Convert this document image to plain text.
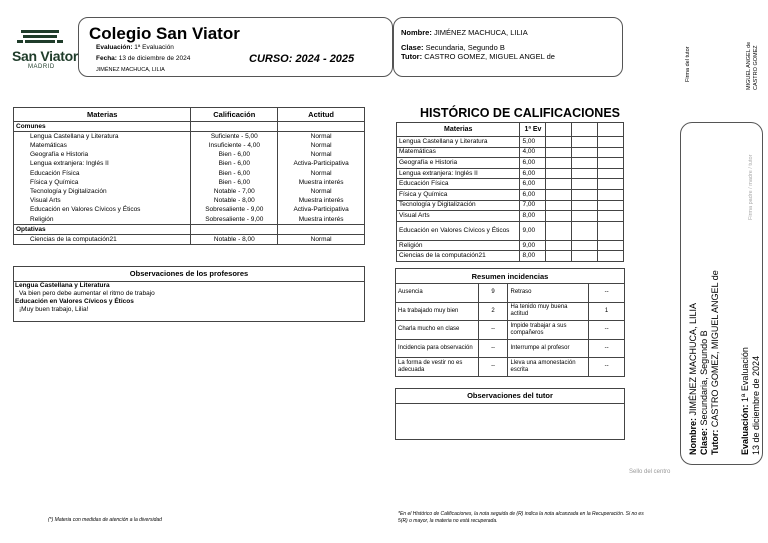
San Viator
MADRID
Colegio San Viator
Evaluación: 1ª Evaluación
Fecha: 13 de diciembre de 2024
JIMÉNEZ MACHUCA, LILIA
CURSO: 2024 - 2025
Nombre: JIMÉNEZ MACHUCA, LILIA
Clase: Secundaria, Segundo B
Tutor: CASTRO GOMEZ, MIGUEL ANGEL de	Firma del tutor	MIGUEL ANGEL de CASTRO GOMEZ
Firma padre / madre / tutor
Nombre: JIMÉNEZ MACHUCA, LILIA
Clase: Secundaria, Segundo B
Tutor: CASTRO GOMEZ, MIGUEL ANGEL de
Evaluación: 1ª Evaluación 13 de diciembre de 2024
Materias	Calificación	Actitud
Comunes		
Lengua Castellana y Literatura	Suficiente - 5,00	Normal
Matemáticas	Insuficiente - 4,00	Normal
Geografía e Historia	Bien - 6,00	Normal
Lengua extranjera: Inglés II	Bien - 6,00	Activa-Participativa
Educación Física	Bien - 6,00	Normal
Física y Química	Bien - 6,00	Muestra interés
Tecnología y Digitalización	Notable - 7,00	Normal
Visual Arts	Notable - 8,00	Muestra interés
Educación en Valores Cívicos y Éticos	Sobresaliente - 9,00	Activa-Participativa
Religión	Sobresaliente - 9,00	Muestra interés
Optativas		
Ciencias de la computación21	Notable - 8,00	Normal
Observaciones de los profesores
Lengua Castellana y Literatura
Va bien pero debe aumentar el ritmo de trabajo
Educación en Valores Cívicos y Éticos
¡Muy buen trabajo, Lilia!
HISTÓRICO DE CALIFICACIONES
Materias	1ª Ev			
Lengua Castellana y Literatura	5,00			
Matemáticas	4,00			
Geografía e Historia	6,00			
Lengua extranjera: Inglés II	6,00			
Educación Física	6,00			
Física y Química	6,00			
Tecnología y Digitalización	7,00			
Visual Arts	8,00			
Educación en Valores Cívicos y Éticos	9,00			
Religión	9,00			
Ciencias de la computación21	8,00			
Resumen incidencias			
Ausencia	9	Retraso	--
Ha trabajado muy bien	2	Ha tenido muy buena actitud	1
Charla mucho en clase	--	Impide trabajar a sus compañeros	--
Incidencia para observación	--	Interrumpe al profesor	--
La forma de vestir no es adecuada	--	Lleva una amonestación escrita	--
Observaciones del tutor
Sello del centro
(*) Materia con medidas de atención a la diversidad
*En el Histórico de Calificaciones, la nota seguida de (R) indica la nota alcanzada en la Recuperación. Si no es 5(R) o mayor, la materia no está recuperada.
